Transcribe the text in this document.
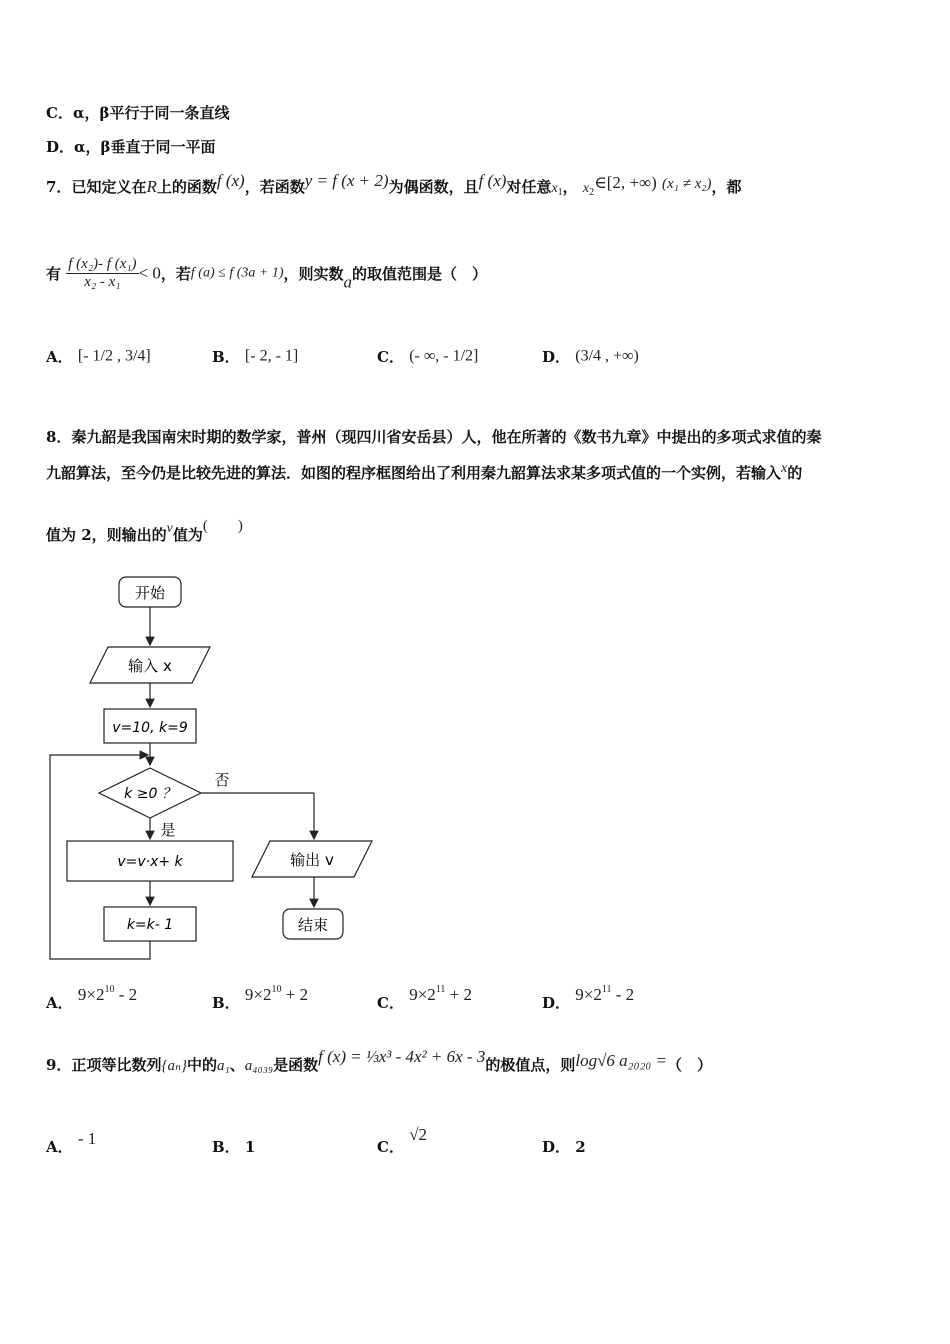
C．α，β平行于同一条直线
D．α，β垂直于同一平面
7．已知定义在R上的函数f (x)，若函数y = f (x + 2)为偶函数，且f (x)对任意$x_1$， $x_2\in[2$, +∞) (x₁ ≠ x₂)，都
有 $\frac{\text{f (x₂)- f (x₁)}}{\text{x₂ - x₁}} < 0$，若f (a) ≤ f (3a + 1)，则实数a的取值范围是（　）
A． [- 1/2 , 3/4]	B． [- 2, - 1]	C． (- ∞, - 1/2]	D． (3/4 , +∞)
8．秦九韶是我国南宋时期的数学家，普州（现四川省安岳县）人，他在所著的《数书九章》中提出的多项式求值的秦
九韶算法，至今仍是比较先进的算法．如图的程序框图给出了利用秦九韶算法求某多项式值的一个实例，若输入x的
值为 2，则输出的v值为(　　)
开始
输入 x
v=10, k=9
k ≥0 ？
否
是
v=v·x+ k
k=k- 1
输出 v
结束
A． $9\times 2^{10} - 2$	B． $9\times 2^{10} + 2$	C． $9\times 2^{11} + 2$	D． $9\times 2^{11} - 2$
9．正项等比数列{aₙ}中的a₁、a₄₀₃₉是函数f (x) = ⅓x³ - 4x² + 6x - 3的极值点，则log√6 a₂₀₂₀ =（　）
A． - 1	B． 1	C． √2
D． 2
